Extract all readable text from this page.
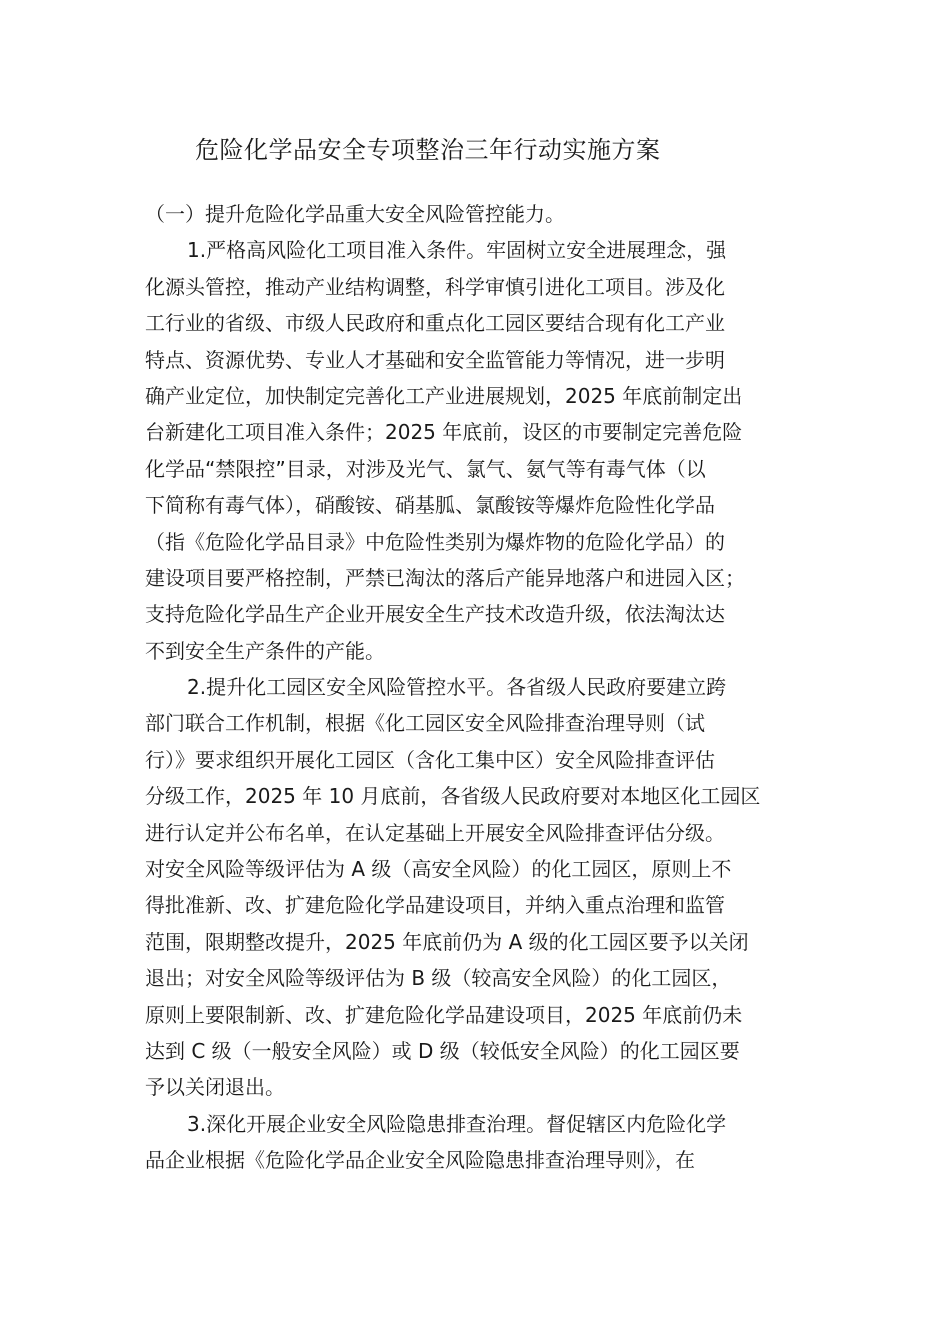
危险化学品安全专项整治三年行动实施方案
（一）提升危险化学品重大安全风险管控能力。
1.严格高风险化工项目准入条件。牢固树立安全进展理念，强
化源头管控，推动产业结构调整，科学审慎引进化工项目。涉及化
工行业的省级、市级人民政府和重点化工园区要结合现有化工产业
特点、资源优势、专业人才基础和安全监管能力等情况，进一步明
确产业定位，加快制定完善化工产业进展规划，2025 年底前制定出
台新建化工项目准入条件；2025 年底前，设区的市要制定完善危险
化学品“禁限控”目录，对涉及光气、氯气、氨气等有毒气体（以
下简称有毒气体），硝酸铵、硝基胍、氯酸铵等爆炸危险性化学品
（指《危险化学品目录》中危险性类别为爆炸物的危险化学品）的
建设项目要严格控制，严禁已淘汰的落后产能异地落户和进园入区；
支持危险化学品生产企业开展安全生产技术改造升级，依法淘汰达
不到安全生产条件的产能。
2.提升化工园区安全风险管控水平。各省级人民政府要建立跨
部门联合工作机制，根据《化工园区安全风险排查治理导则（试
行）》要求组织开展化工园区（含化工集中区）安全风险排查评估
分级工作，2025 年 10 月底前，各省级人民政府要对本地区化工园区
进行认定并公布名单，在认定基础上开展安全风险排查评估分级。
对安全风险等级评估为 A 级（高安全风险）的化工园区，原则上不
得批准新、改、扩建危险化学品建设项目，并纳入重点治理和监管
范围，限期整改提升，2025 年底前仍为 A 级的化工园区要予以关闭
退出；对安全风险等级评估为 B 级（较高安全风险）的化工园区，
原则上要限制新、改、扩建危险化学品建设项目，2025 年底前仍未
达到 C 级（一般安全风险）或 D 级（较低安全风险）的化工园区要
予以关闭退出。
3.深化开展企业安全风险隐患排查治理。督促辖区内危险化学
品企业根据《危险化学品企业安全风险隐患排查治理导则》，在
